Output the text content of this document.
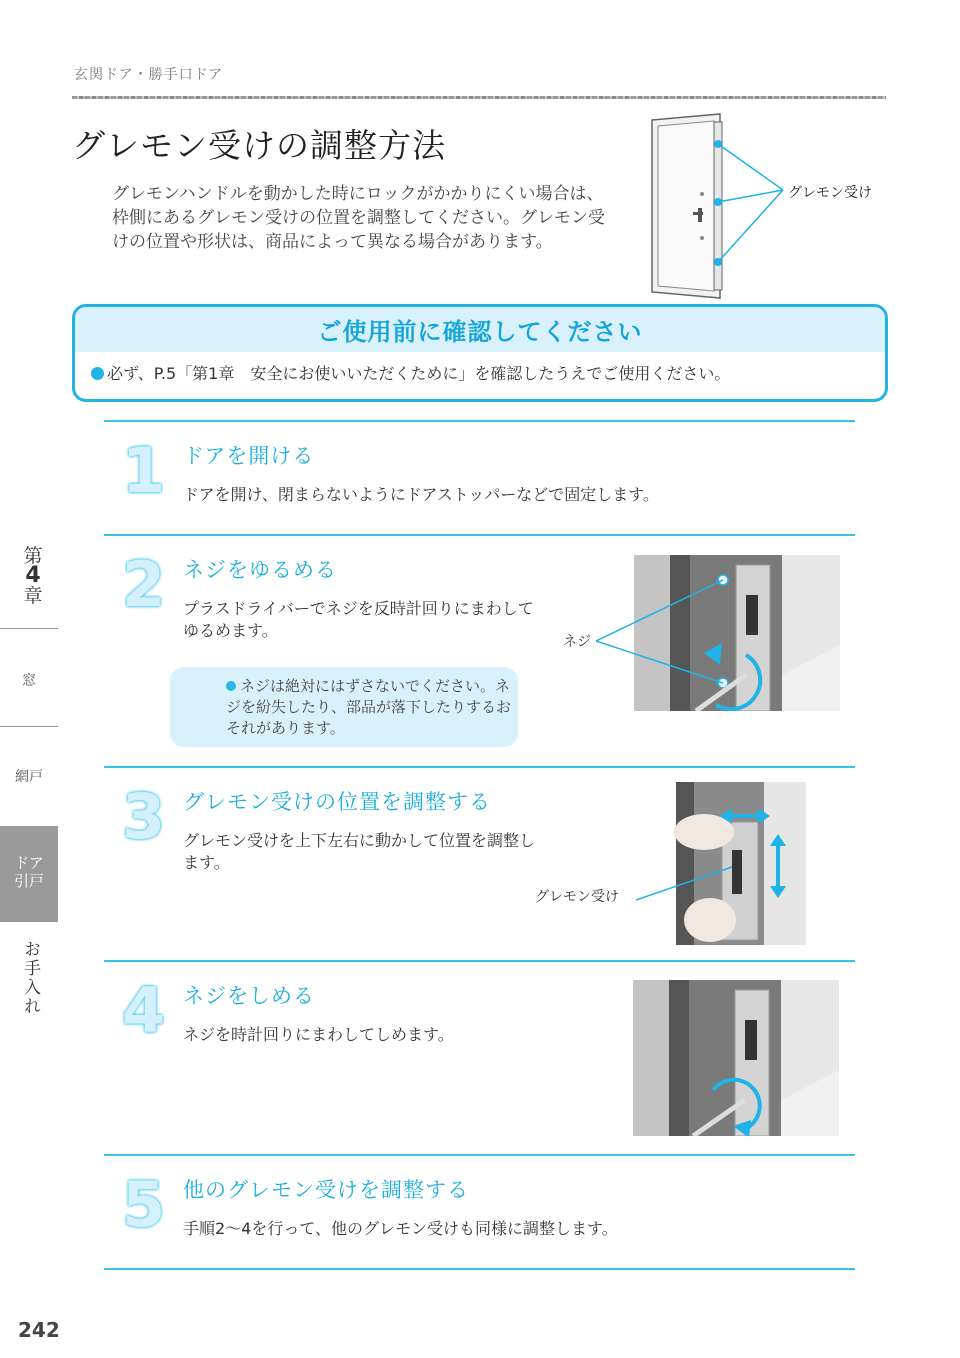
玄関ドア・勝手口ドア
グレモン受けの調整方法
グレモンハンドルを動かした時にロックがかかりにくい場合は、枠側にあるグレモン受けの位置を調整してください。グレモン受けの位置や形状は、商品によって異なる場合があります。
グレモン受け
ご使用前に確認してください
必ず、P.5「第1章　安全にお使いいただくために」を確認したうえでご使用ください。
1 ドアを開ける
ドアを開け、閉まらないようにドアストッパーなどで固定します。
2 ネジをゆるめる
プラスドライバーでネジを反時計回りにまわしてゆるめます。
ネジは絶対にはずさないでください。ネジを紛失したり、部品が落下したりするおそれがあります。
ネジ
3 グレモン受けの位置を調整する
グレモン受けを上下左右に動かして位置を調整します。
グレモン受け
4 ネジをしめる
ネジを時計回りにまわしてしめます。
5 他のグレモン受けを調整する
手順2〜4を行って、他のグレモン受けも同様に調整します。
第
4
章
窓
網戸
ドア引戸
お手入れ
242
